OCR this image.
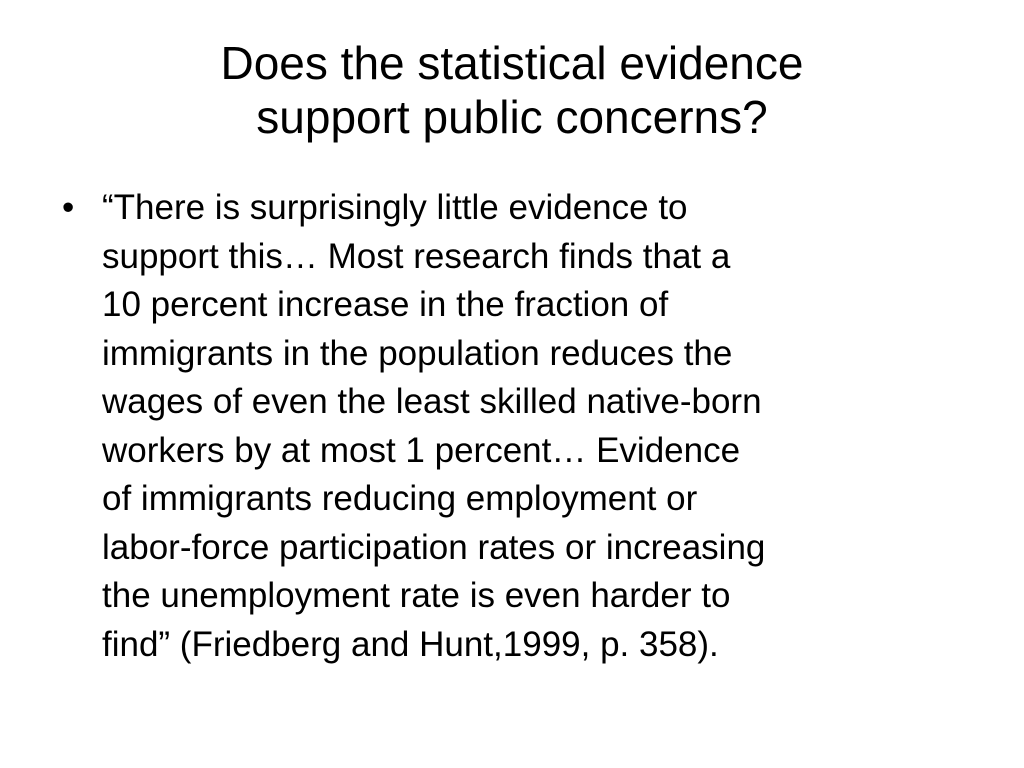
Does the statistical evidence
support public concerns?
• “There is surprisingly little evidence to
support this… Most research finds that a
10 percent increase in the fraction of
immigrants in the population reduces the
wages of even the least skilled native-born
workers by at most 1 percent… Evidence
of immigrants reducing employment or
labor-force participation rates or increasing
the unemployment rate is even harder to
find” (Friedberg and Hunt,1999, p. 358).
